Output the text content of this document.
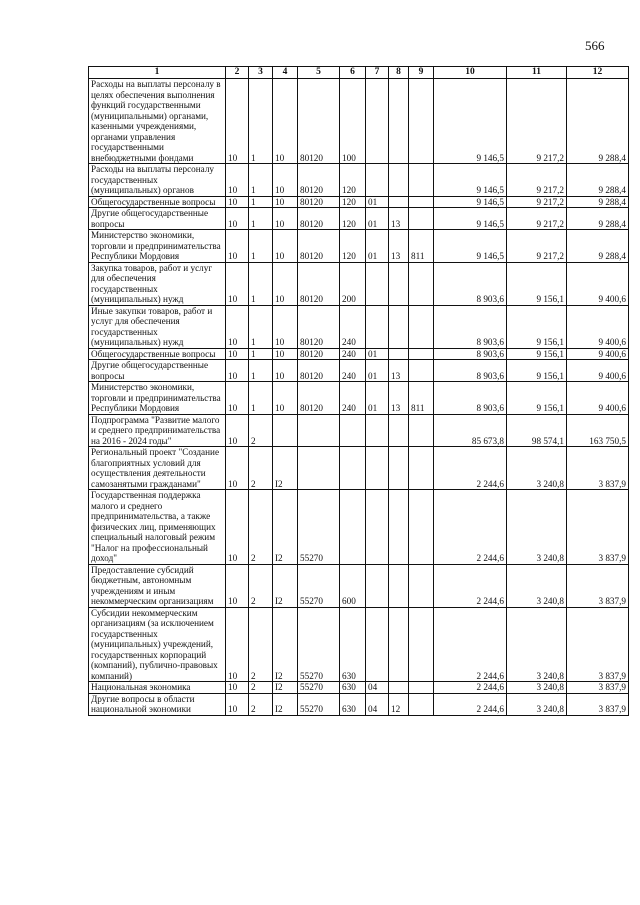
566
1	2	3	4	5	6	7	8	9	10	11	12
Расходы на выплаты персоналу в целях обеспечения выполнения функций государственными (муниципальными) органами, казенными учреждениями, органами управления государственными внебюджетными фондами	10	1	10	80120	100				9 146,5	9 217,2	9 288,4
Расходы на выплаты персоналу государственных (муниципальных) органов	10	1	10	80120	120				9 146,5	9 217,2	9 288,4
Общегосударственные вопросы	10	1	10	80120	120	01			9 146,5	9 217,2	9 288,4
Другие общегосударственные вопросы	10	1	10	80120	120	01	13		9 146,5	9 217,2	9 288,4
Министерство экономики, торговли и предпринимательства Республики Мордовия	10	1	10	80120	120	01	13	811	9 146,5	9 217,2	9 288,4
Закупка товаров, работ и услуг для обеспечения государственных (муниципальных) нужд	10	1	10	80120	200				8 903,6	9 156,1	9 400,6
Иные закупки товаров, работ и услуг для обеспечения государственных (муниципальных) нужд	10	1	10	80120	240				8 903,6	9 156,1	9 400,6
Общегосударственные вопросы	10	1	10	80120	240	01			8 903,6	9 156,1	9 400,6
Другие общегосударственные вопросы	10	1	10	80120	240	01	13		8 903,6	9 156,1	9 400,6
Министерство экономики, торговли и предпринимательства Республики Мордовия	10	1	10	80120	240	01	13	811	8 903,6	9 156,1	9 400,6
Подпрограмма "Развитие малого и среднего предпринимательства на 2016 - 2024 годы"	10	2							85 673,8	98 574,1	163 750,5
Региональный проект "Создание благоприятных условий для осуществления деятельности самозанятыми гражданами"	10	2	I2						2 244,6	3 240,8	3 837,9
Государственная поддержка малого и среднего предпринимательства, а также физических лиц, применяющих специальный налоговый режим "Налог на профессиональный доход"	10	2	I2	55270					2 244,6	3 240,8	3 837,9
Предоставление субсидий бюджетным, автономным учреждениям и иным некоммерческим организациям	10	2	I2	55270	600				2 244,6	3 240,8	3 837,9
Субсидии некоммерческим организациям (за исключением государственных (муниципальных) учреждений, государственных корпораций (компаний), публично-правовых компаний)	10	2	I2	55270	630				2 244,6	3 240,8	3 837,9
Национальная экономика	10	2	I2	55270	630	04			2 244,6	3 240,8	3 837,9
Другие вопросы в области национальной экономики	10	2	I2	55270	630	04	12		2 244,6	3 240,8	3 837,9
